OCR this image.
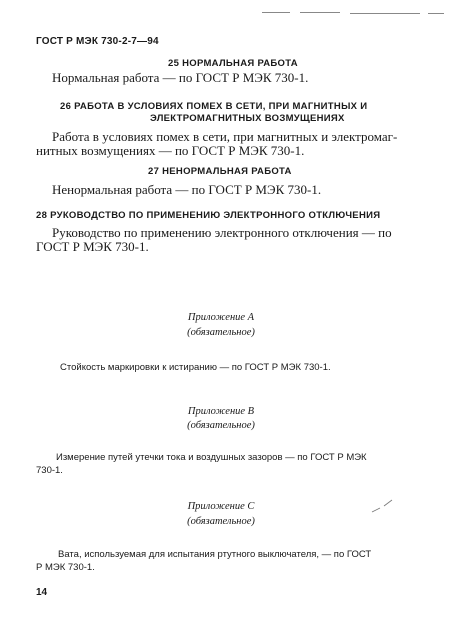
ГОСТ Р МЭК 730-2-7—94
25 НОРМАЛЬНАЯ РАБОТА
Нормальная работа — по ГОСТ Р МЭК 730-1.
26 РАБОТА В УСЛОВИЯХ ПОМЕХ В СЕТИ, ПРИ МАГНИТНЫХ И
ЭЛЕКТРОМАГНИТНЫХ ВОЗМУЩЕНИЯХ
Работа в условиях помех в сети, при магнитных и электромаг-
нитных возмущениях — по ГОСТ Р МЭК 730-1.
27 НЕНОРМАЛЬНАЯ РАБОТА
Ненормальная работа — по ГОСТ Р МЭК 730-1.
28 РУКОВОДСТВО ПО ПРИМЕНЕНИЮ ЭЛЕКТРОННОГО ОТКЛЮЧЕНИЯ
Руководство по применению электронного отключения — по
ГОСТ Р МЭК 730-1.
Приложение А
(обязательное)
Стойкость маркировки к истиранию — по ГОСТ Р МЭК 730-1.
Приложение В
(обязательное)
Измерение путей утечки тока и воздушных зазоров — по ГОСТ Р МЭК
730-1.
Приложение С
(обязательное)
Вата, используемая для испытания ртутного выключателя, — по ГОСТ
Р МЭК 730-1.
14
